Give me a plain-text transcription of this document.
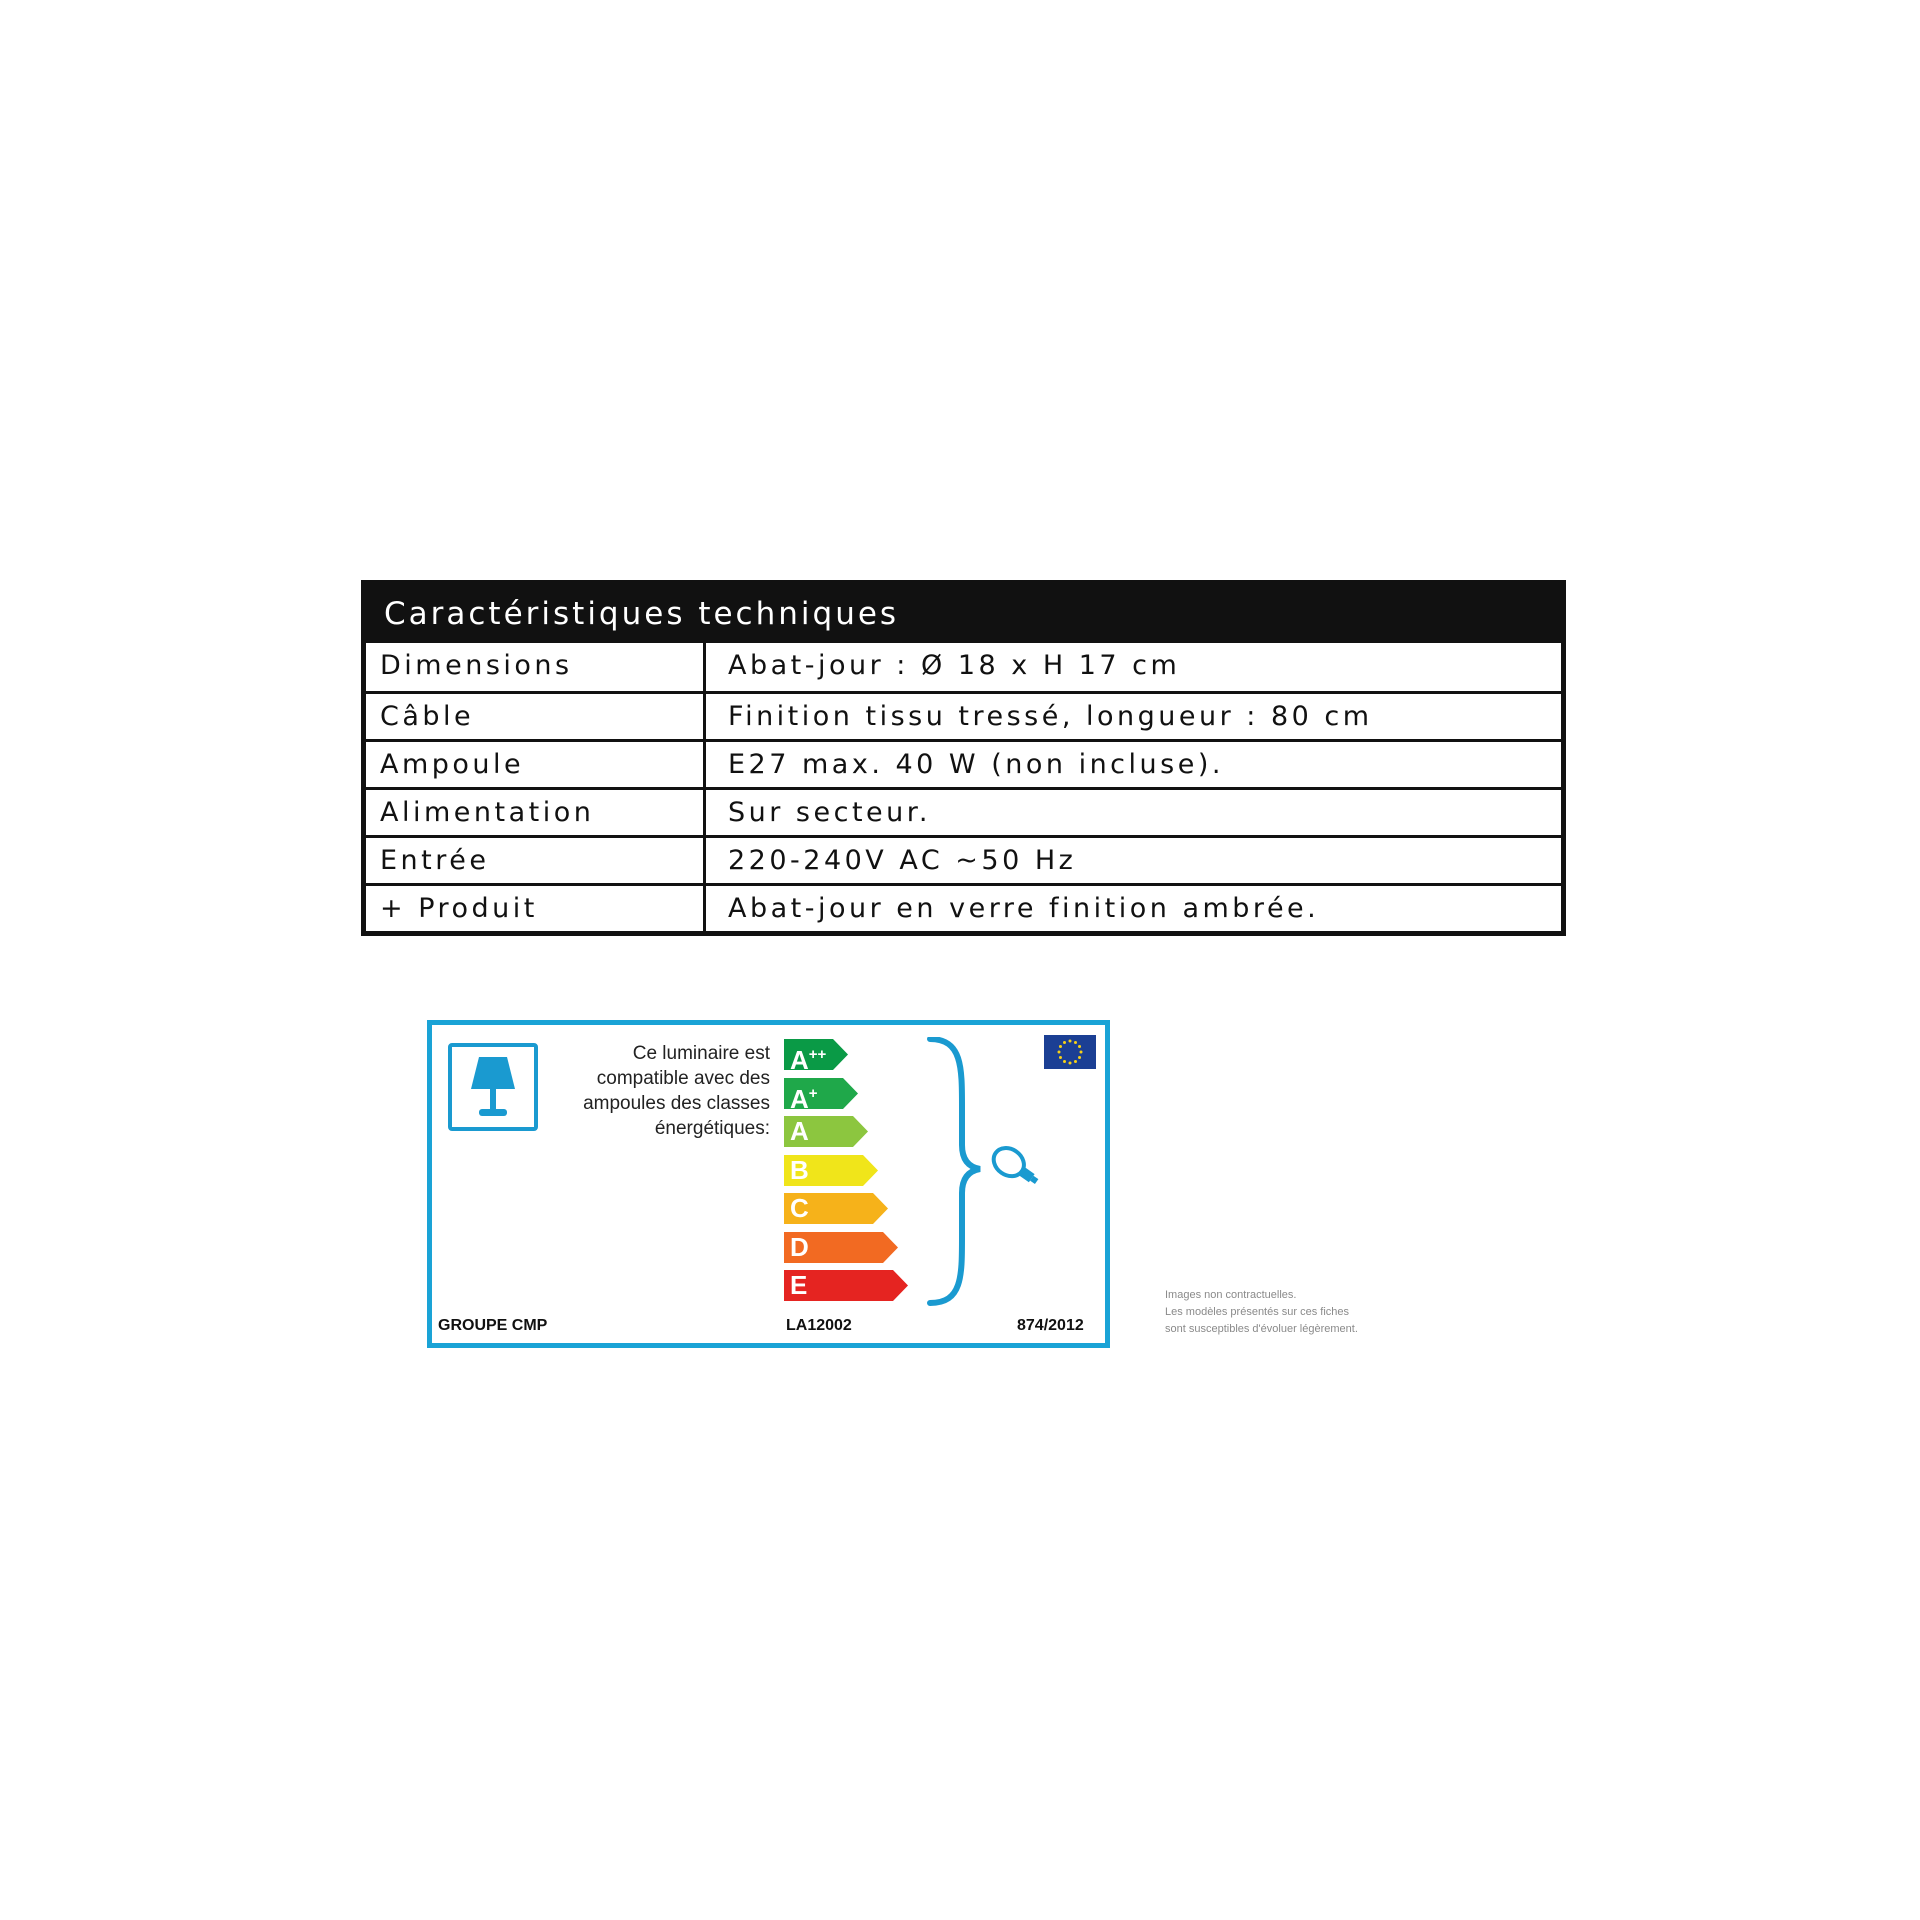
Caractéristiques techniques
Dimensions	Abat-jour : Ø 18 x H 17 cm
Câble	Finition tissu tressé, longueur : 80 cm
Ampoule	E27 max. 40 W (non incluse).
Alimentation	Sur secteur.
Entrée	220-240V AC ~50 Hz
+ Produit	Abat-jour en verre finition ambrée.
Ce luminaire est
compatible avec des
ampoules des classes
énergétiques:
A++
A+
A
B
C
D
E
GROUPE CMP	LA12002	874/2012
Images non contractuelles.
Les modèles présentés sur ces fiches
sont susceptibles d'évoluer légèrement.
